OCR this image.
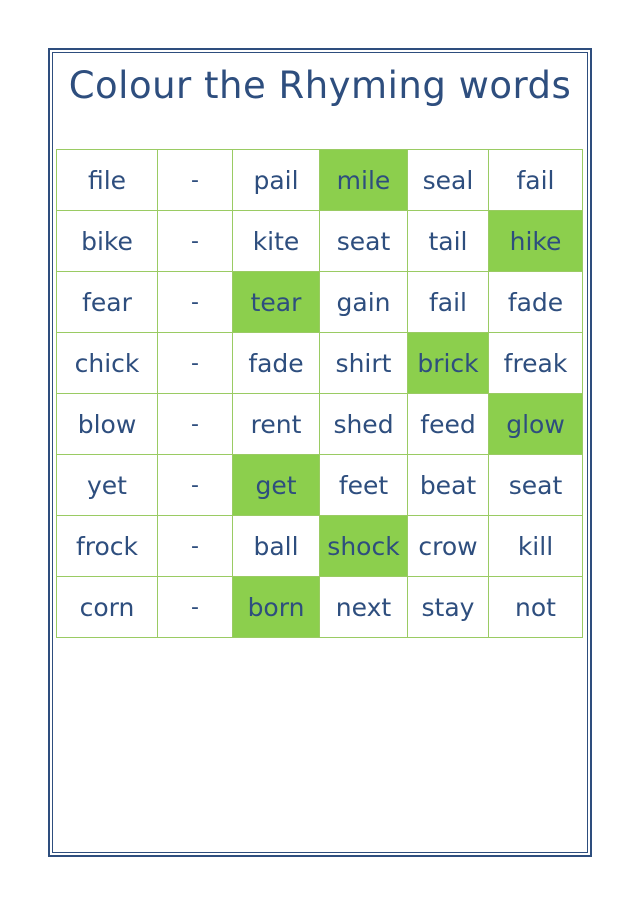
Colour the Rhyming words
file	-	pail	mile	seal	fail
bike	-	kite	seat	tail	hike
fear	-	tear	gain	fail	fade
chick	-	fade	shirt	brick	freak
blow	-	rent	shed	feed	glow
yet	-	get	feet	beat	seat
frock	-	ball	shock	crow	kill
corn	-	born	next	stay	not
